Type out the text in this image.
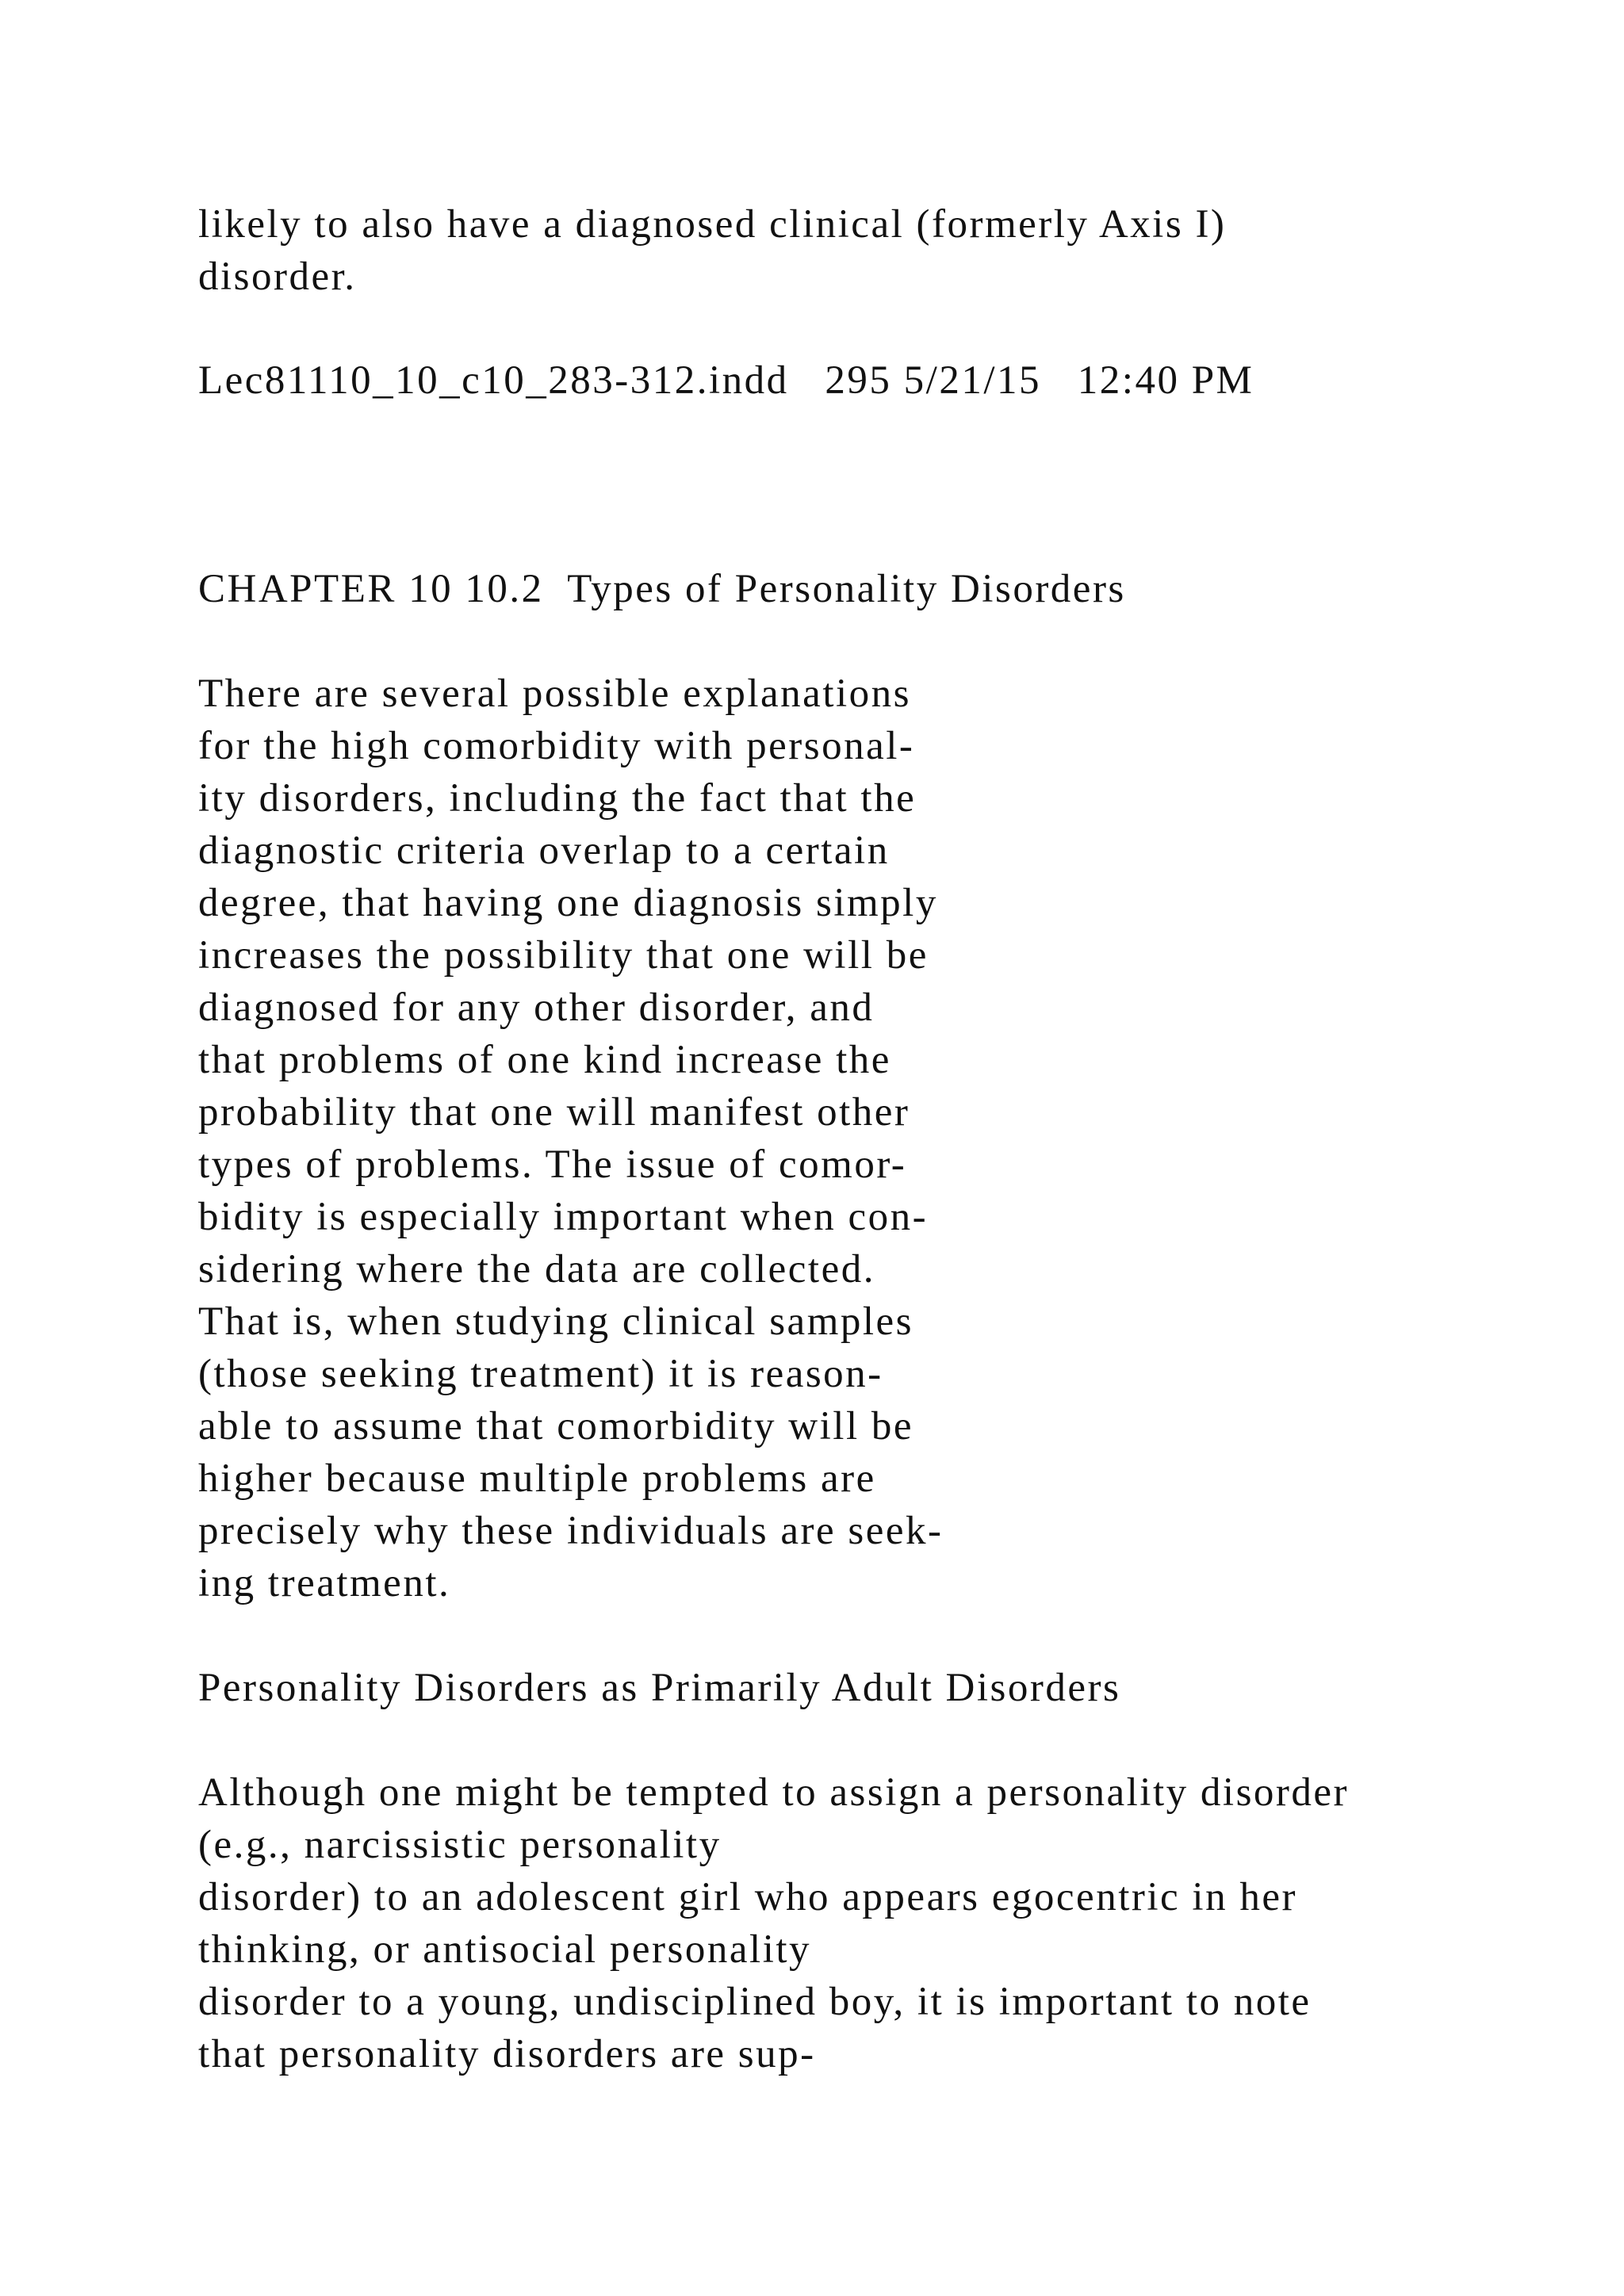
likely to also have a diagnosed clinical (formerly Axis I)
disorder.
Lec81110_10_c10_283-312.indd   295 5/21/15   12:40 PM
CHAPTER 10 10.2  Types of Personality Disorders
There are several possible explanations
for the high comorbidity with personal-
ity disorders, including the fact that the
diagnostic criteria overlap to a certain
degree, that having one diagnosis simply
increases the possibility that one will be
diagnosed for any other disorder, and
that problems of one kind increase the
probability that one will manifest other
types of problems. The issue of comor-
bidity is especially important when con-
sidering where the data are collected.
That is, when studying clinical samples
(those seeking treatment) it is reason-
able to assume that comorbidity will be
higher because multiple problems are
precisely why these individuals are seek-
ing treatment.
Personality Disorders as Primarily Adult Disorders
Although one might be tempted to assign a personality disorder
(e.g., narcissistic personality
disorder) to an adolescent girl who appears egocentric in her
thinking, or antisocial personality
disorder to a young, undisciplined boy, it is important to note
that personality disorders are sup-
